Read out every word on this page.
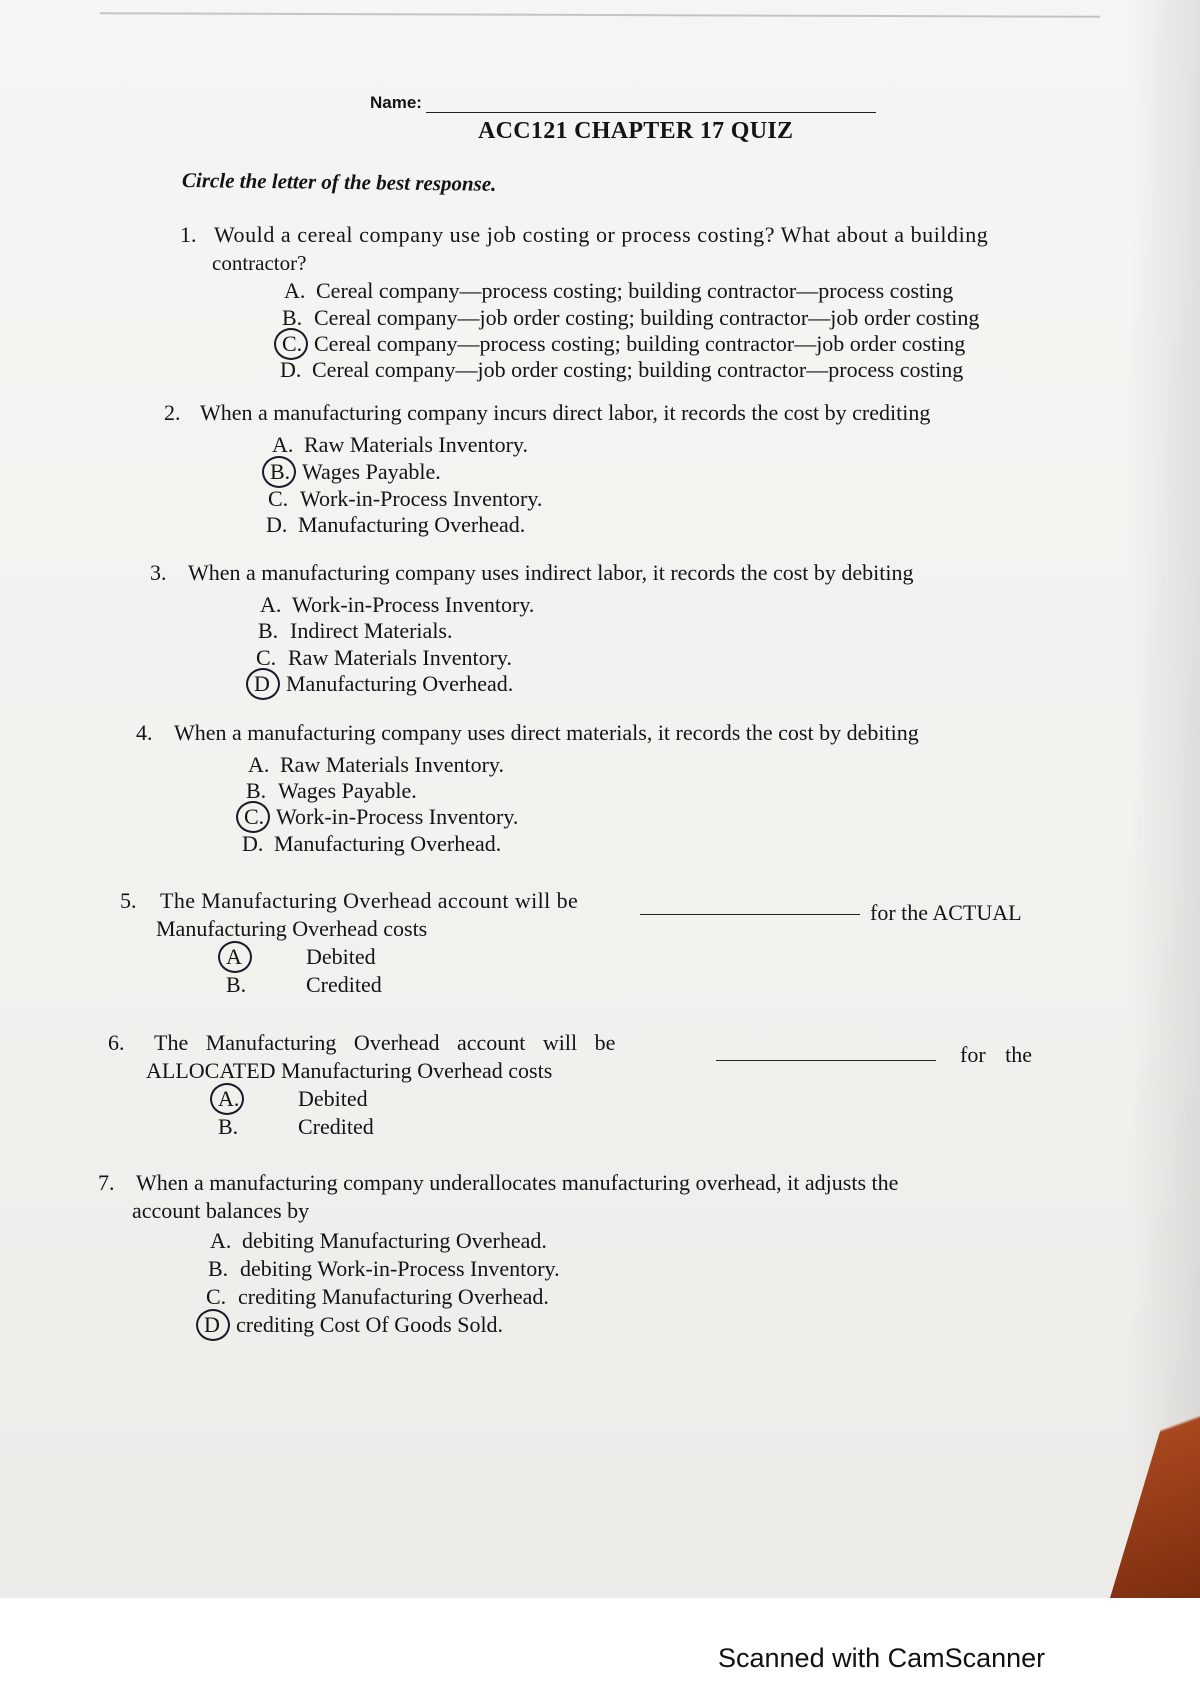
Name:
ACC121 CHAPTER 17 QUIZ
Circle the letter of the best response.
1. Would a cereal company use job costing or process costing? What about a building
contractor?
A. Cereal company—process costing; building contractor—process costing
B. Cereal company—job order costing; building contractor—job order costing
C. Cereal company—process costing; building contractor—job order costing
D. Cereal company—job order costing; building contractor—process costing
2. When a manufacturing company incurs direct labor, it records the cost by crediting
A. Raw Materials Inventory.
B. Wages Payable.
C. Work-in-Process Inventory.
D. Manufacturing Overhead.
3. When a manufacturing company uses indirect labor, it records the cost by debiting
A. Work-in-Process Inventory.
B. Indirect Materials.
C. Raw Materials Inventory.
D Manufacturing Overhead.
4. When a manufacturing company uses direct materials, it records the cost by debiting
A. Raw Materials Inventory.
B. Wages Payable.
C. Work-in-Process Inventory.
D. Manufacturing Overhead.
5. The Manufacturing Overhead account will be	for the ACTUAL
Manufacturing Overhead costs
A	Debited
B.	Credited
6. The Manufacturing Overhead account will be	for the
ALLOCATED Manufacturing Overhead costs
A.	Debited
B.	Credited
7. When a manufacturing company underallocates manufacturing overhead, it adjusts the
account balances by
A. debiting Manufacturing Overhead.
B. debiting Work-in-Process Inventory.
C. crediting Manufacturing Overhead.
D crediting Cost Of Goods Sold.
Scanned with CamScanner
